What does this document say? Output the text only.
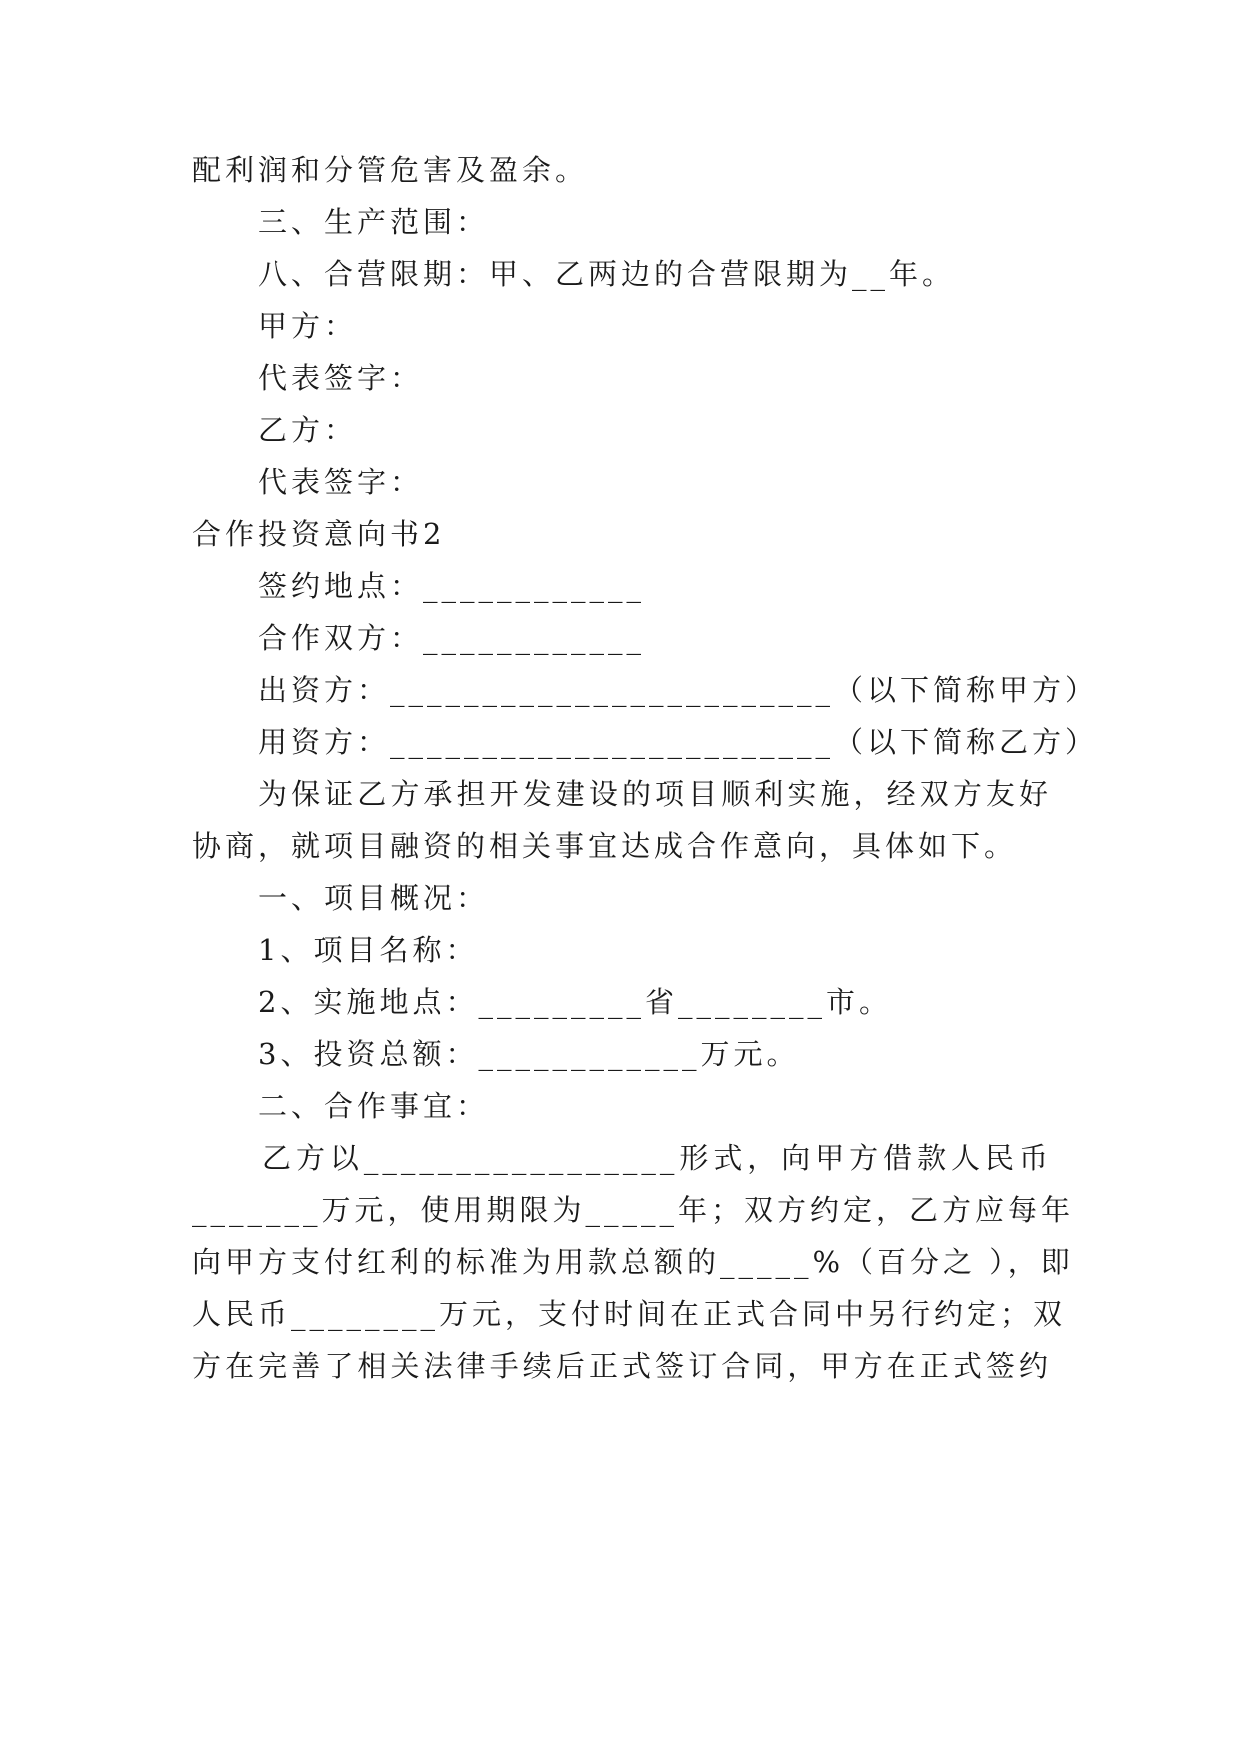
配利润和分管危害及盈余。
三、生产范围：
八、合营限期：甲、乙两边的合营限期为__年。
甲方：
代表签字：
乙方：
代表签字：
合作投资意向书2
签约地点：____________
合作双方：____________
出资方：________________________（以下简称甲方）
用资方：________________________（以下简称乙方）
为保证乙方承担开发建设的项目顺利实施，经双方友好
协商，就项目融资的相关事宜达成合作意向，具体如下。
一、项目概况：
1、项目名称：
2、实施地点：_________省________市。
3、投资总额：____________万元。
二、合作事宜：
乙方以_________________形式，向甲方借款人民币
_______万元，使用期限为_____年；双方约定，乙方应每年
向甲方支付红利的标准为用款总额的_____%（百分之 ），即
人民币________万元，支付时间在正式合同中另行约定；双
方在完善了相关法律手续后正式签订合同，甲方在正式签约
